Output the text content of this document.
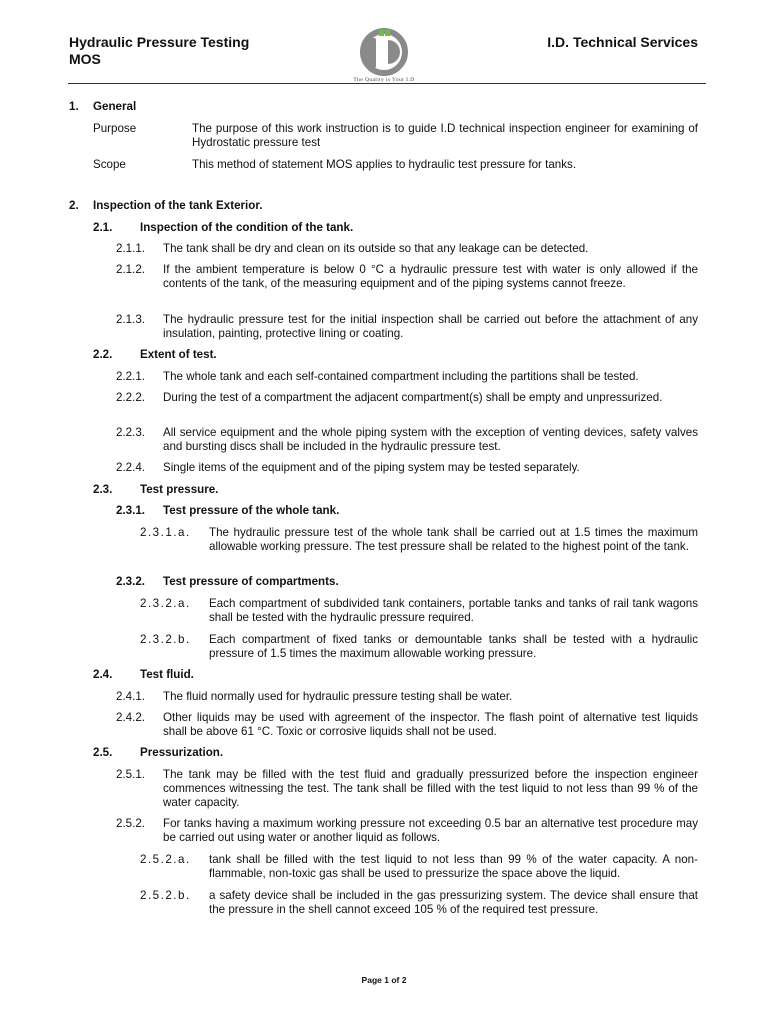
Hydraulic Pressure Testing
MOS
The Quality is Your I.D
I.D. Technical Services
1. General
Purpose	The purpose of this work instruction is to guide I.D technical inspection engineer for examining of Hydrostatic pressure test
Scope	This method of statement MOS applies to hydraulic test pressure for tanks.
2. Inspection of the tank Exterior.
2.1. Inspection of the condition of the tank.
2.1.1. The tank shall be dry and clean on its outside so that any leakage can be detected.
2.1.2. If the ambient temperature is below 0 °C a hydraulic pressure test with water is only allowed if the contents of the tank, of the measuring equipment and of the piping systems cannot freeze.
2.1.3. The hydraulic pressure test for the initial inspection shall be carried out before the attachment of any insulation, painting, protective lining or coating.
2.2. Extent of test.
2.2.1. The whole tank and each self-contained compartment including the partitions shall be tested.
2.2.2. During the test of a compartment the adjacent compartment(s) shall be empty and unpressurized.
2.2.3. All service equipment and the whole piping system with the exception of venting devices, safety valves and bursting discs shall be included in the hydraulic pressure test.
2.2.4. Single items of the equipment and of the piping system may be tested separately.
2.3. Test pressure.
2.3.1. Test pressure of the whole tank.
2.3.1.a. The hydraulic pressure test of the whole tank shall be carried out at 1.5 times the maximum allowable working pressure. The test pressure shall be related to the highest point of the tank.
2.3.2. Test pressure of compartments.
2.3.2.a. Each compartment of subdivided tank containers, portable tanks and tanks of rail tank wagons shall be tested with the hydraulic pressure required.
2.3.2.b. Each compartment of fixed tanks or demountable tanks shall be tested with a hydraulic pressure of 1.5 times the maximum allowable working pressure.
2.4. Test fluid.
2.4.1. The fluid normally used for hydraulic pressure testing shall be water.
2.4.2. Other liquids may be used with agreement of the inspector. The flash point of alternative test liquids shall be above 61 °C. Toxic or corrosive liquids shall not be used.
2.5. Pressurization.
2.5.1. The tank may be filled with the test fluid and gradually pressurized before the inspection engineer commences witnessing the test. The tank shall be filled with the test liquid to not less than 99 % of the water capacity.
2.5.2. For tanks having a maximum working pressure not exceeding 0.5 bar an alternative test procedure may be carried out using water or another liquid as follows.
2.5.2.a. tank shall be filled with the test liquid to not less than 99 % of the water capacity. A non-flammable, non-toxic gas shall be used to pressurize the space above the liquid.
2.5.2.b. a safety device shall be included in the gas pressurizing system. The device shall ensure that the pressure in the shell cannot exceed 105 % of the required test pressure.
Page 1 of 2
